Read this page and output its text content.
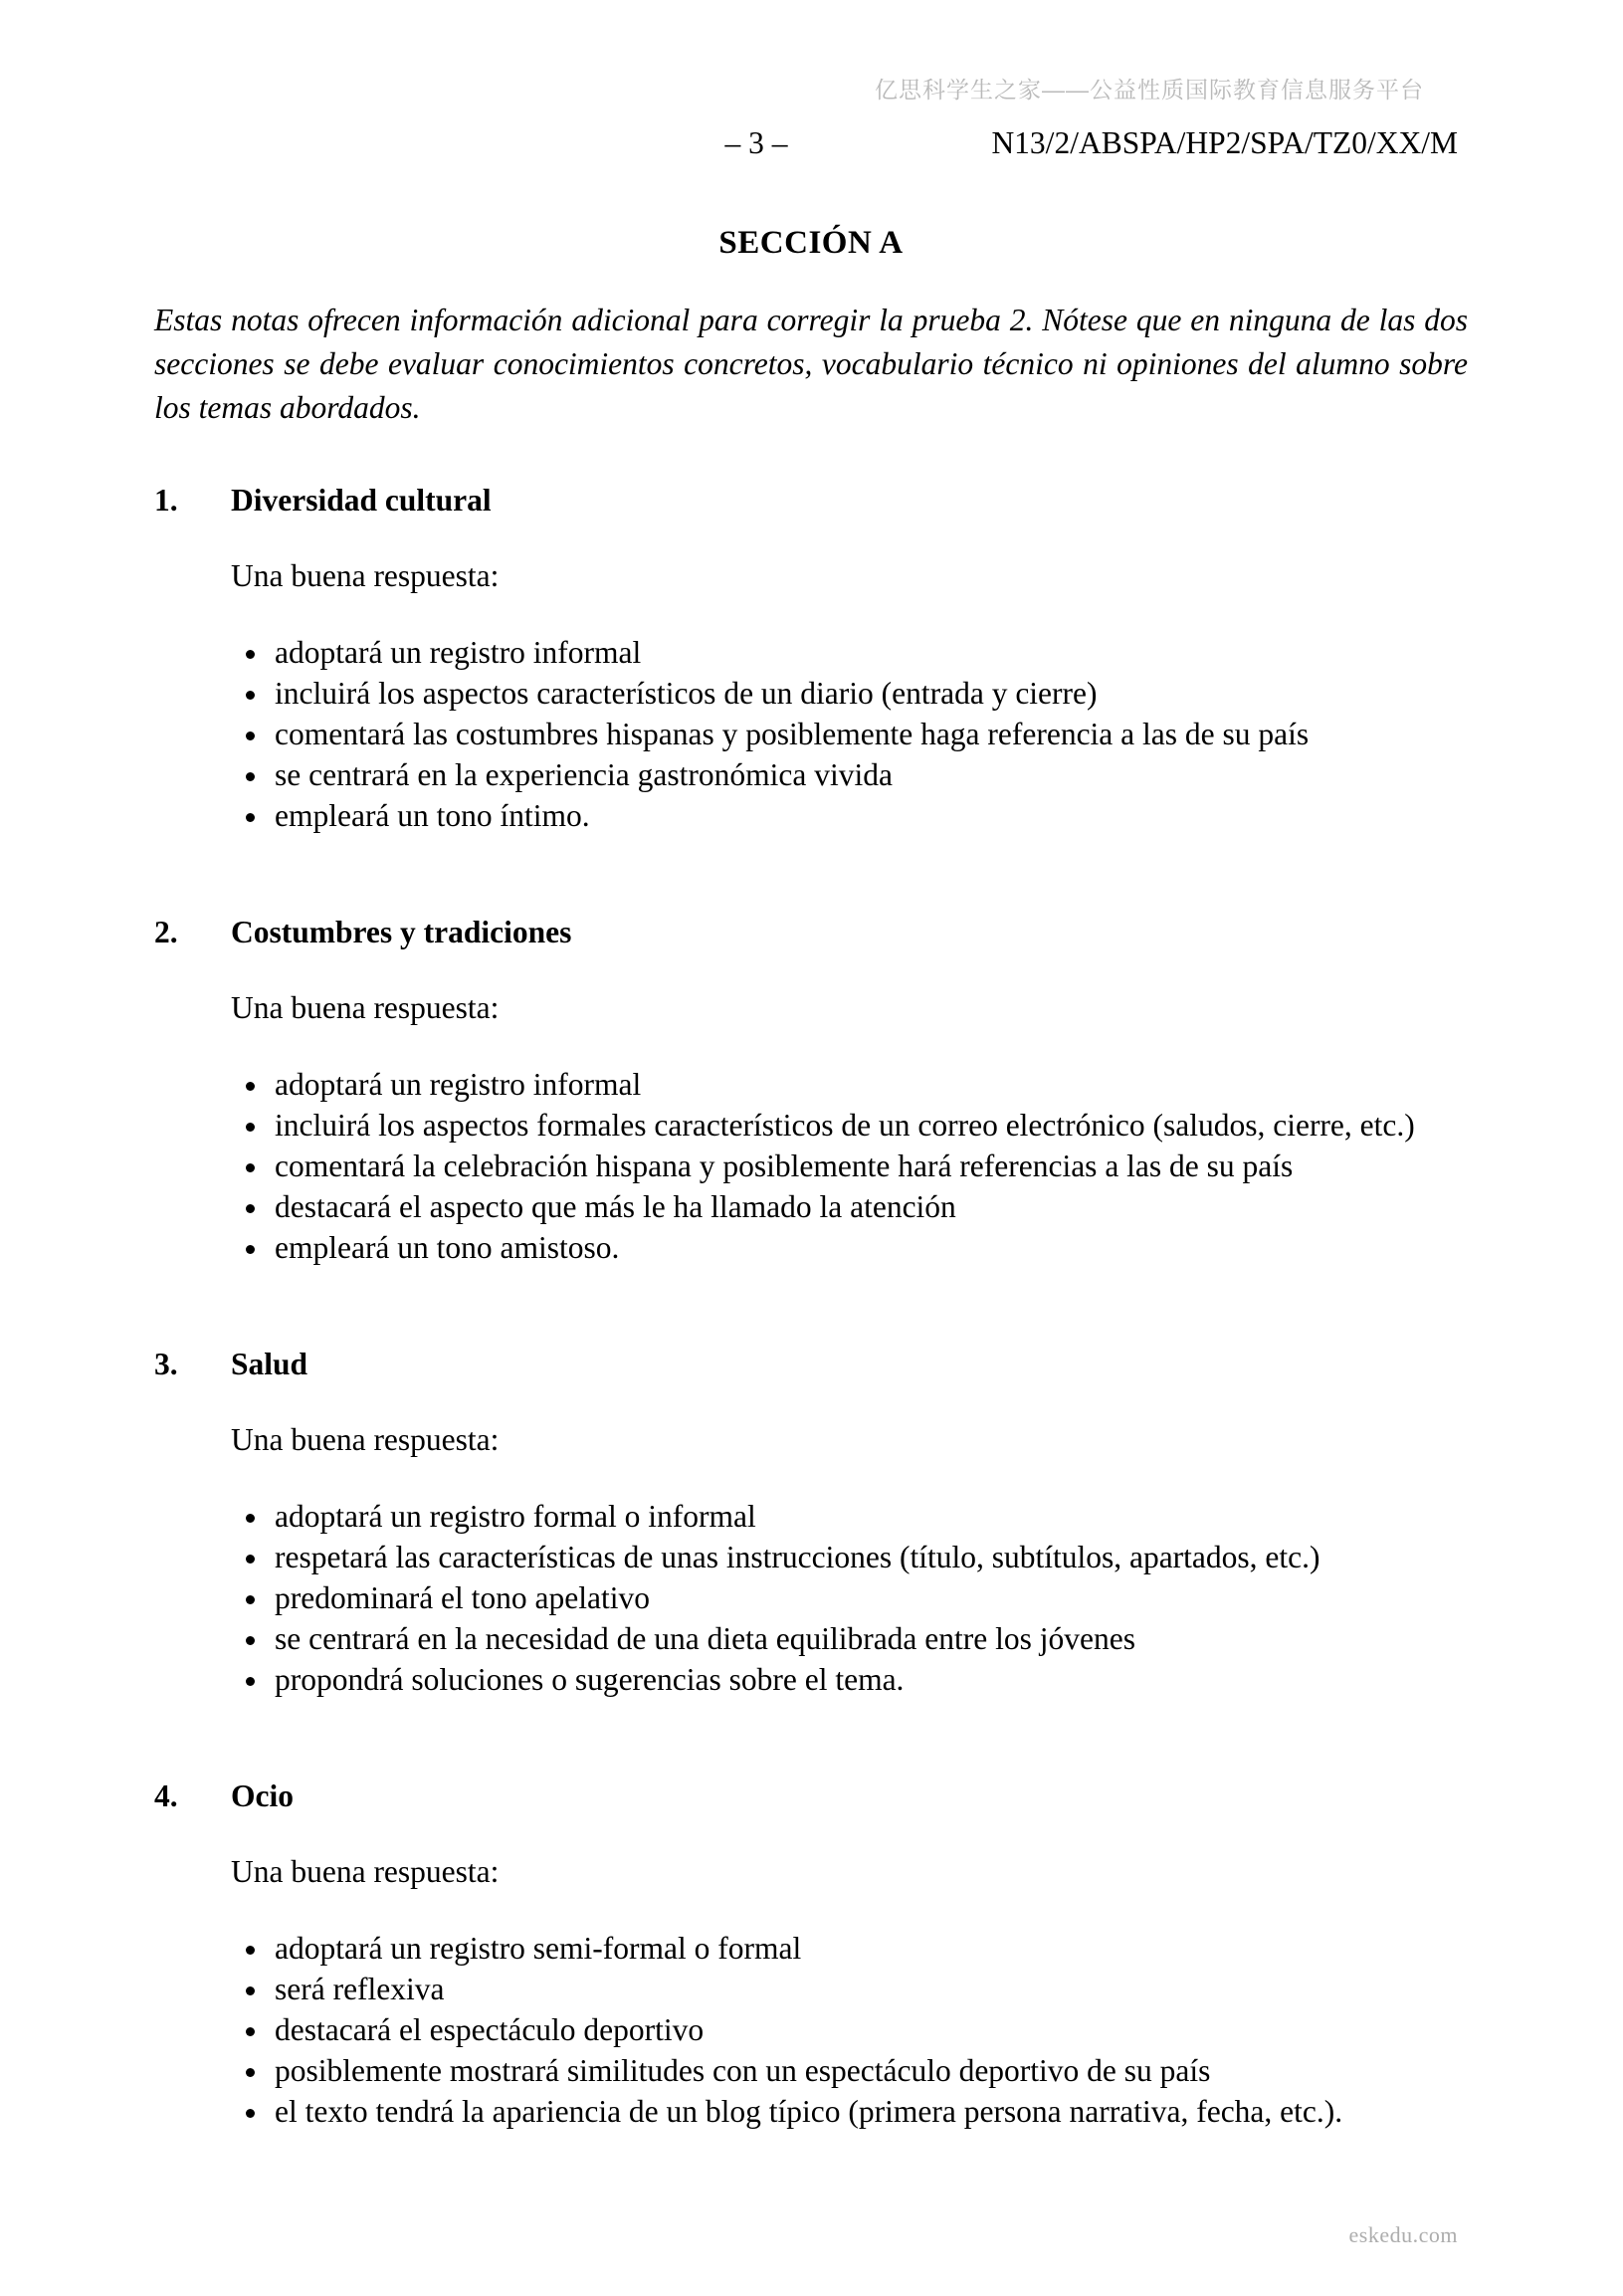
亿思科学生之家——公益性质国际教育信息服务平台
– 3 –	N13/2/ABSPA/HP2/SPA/TZ0/XX/M
SECCIÓN A

Estas notas ofrecen información adicional para corregir la prueba 2. Nótese que en ninguna de las dos secciones se debe evaluar conocimientos concretos, vocabulario técnico ni opiniones del alumno sobre los temas abordados.

1.	Diversidad cultural

Una buena respuesta:

• adoptará un registro informal
• incluirá los aspectos característicos de un diario (entrada y cierre)
• comentará las costumbres hispanas y posiblemente haga referencia a las de su país
• se centrará en la experiencia gastronómica vivida
• empleará un tono íntimo.
2.	Costumbres y tradiciones

Una buena respuesta:

• adoptará un registro informal
• incluirá los aspectos formales característicos de un correo electrónico (saludos, cierre, etc.)
• comentará la celebración hispana y posiblemente hará referencias a las de su país
• destacará el aspecto que más le ha llamado la atención
• empleará un tono amistoso.
3.	Salud

Una buena respuesta:

• adoptará un registro formal o informal
• respetará las características de unas instrucciones (título, subtítulos, apartados, etc.)
• predominará el tono apelativo
• se centrará en la necesidad de una dieta equilibrada entre los jóvenes
• propondrá soluciones o sugerencias sobre el tema.
4.	Ocio

Una buena respuesta:

• adoptará un registro semi-formal o formal
• será reflexiva
• destacará el espectáculo deportivo
• posiblemente mostrará similitudes con un espectáculo deportivo de su país
• el texto tendrá la apariencia de un blog típico (primera persona narrativa, fecha, etc.).
eskedu.com
